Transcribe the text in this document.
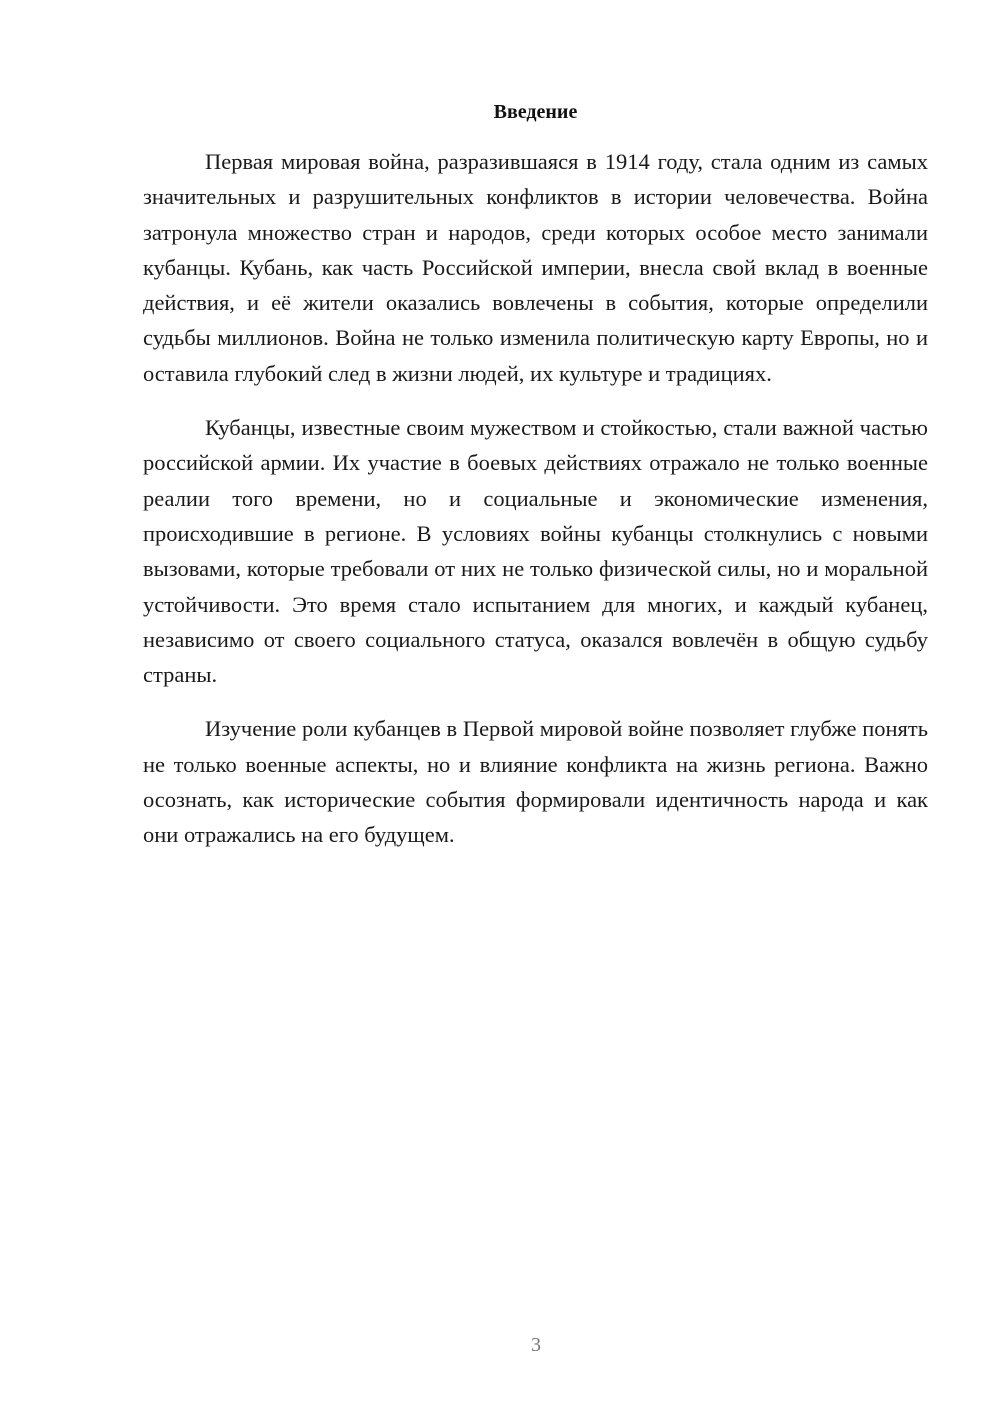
Введение

Первая мировая война, разразившаяся в 1914 году, стала одним из самых значительных и разрушительных конфликтов в истории человечества. Война затронула множество стран и народов, среди которых особое место занимали кубанцы. Кубань, как часть Российской империи, внесла свой вклад в военные действия, и её жители оказались вовлечены в события, которые определили судьбы миллионов. Война не только изменила политическую карту Европы, но и оставила глубокий след в жизни людей, их культуре и традициях.

Кубанцы, известные своим мужеством и стойкостью, стали важной частью российской армии. Их участие в боевых действиях отражало не только военные реалии того времени, но и социальные и экономические изменения, происходившие в регионе. В условиях войны кубанцы столкнулись с новыми вызовами, которые требовали от них не только физической силы, но и моральной устойчивости. Это время стало испытанием для многих, и каждый кубанец, независимо от своего социального статуса, оказался вовлечён в общую судьбу страны.

Изучение роли кубанцев в Первой мировой войне позволяет глубже понять не только военные аспекты, но и влияние конфликта на жизнь региона. Важно осознать, как исторические события формировали идентичность народа и как они отражались на его будущем.

3
